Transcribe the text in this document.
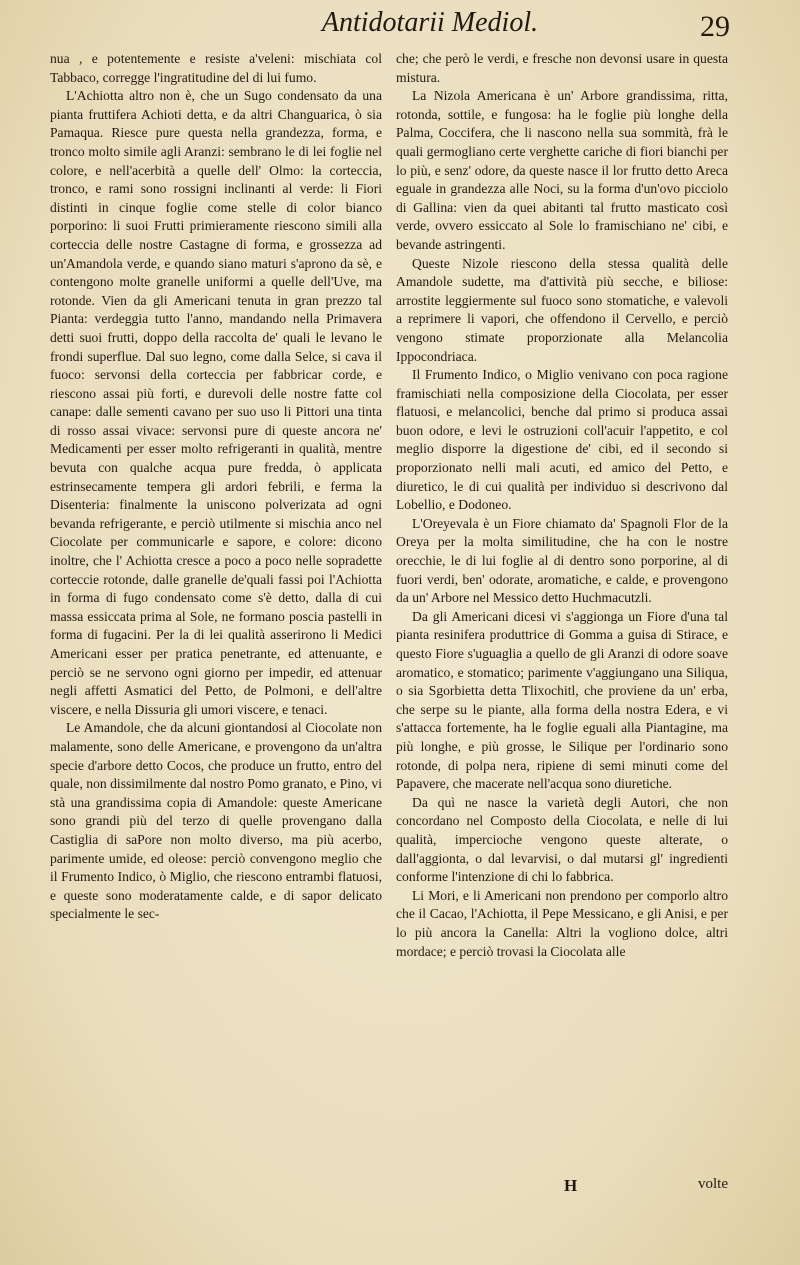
Antidotarii Mediol.	29

nua , e potentemente e resiste a'veleni: mischiata col Tabbaco, corregge l'ingratitudine del di lui fumo.

L'Achiotta altro non è, che un Sugo condensato da una pianta fruttifera Achioti detta, e da altri Changuarica, ò sia Pamaqua. Riesce pure questa nella grandezza, forma, e tronco molto simile agli Aranzi: sembrano le di lei foglie nel colore, e nell'acerbità a quelle dell' Olmo: la corteccia, tronco, e rami sono rossigni inclinanti al verde: li Fiori distinti in cinque foglie come stelle di color bianco porporino: li suoi Frutti primieramente riescono simili alla corteccia delle nostre Castagne di forma, e grossezza ad un'Amandola verde, e quando siano maturi s'aprono da sè, e contengono molte granelle uniformi a quelle dell'Uve, ma rotonde. Vien da gli Americani tenuta in gran prezzo tal Pianta: verdeggia tutto l'anno, mandando nella Primavera detti suoi frutti, doppo della raccolta de' quali le levano le frondi superflue. Dal suo legno, come dalla Selce, si cava il fuoco: servonsi della corteccia per fabbricar corde, e riescono assai più forti, e durevoli delle nostre fatte col canape: dalle sementi cavano per suo uso li Pittori una tinta di rosso assai vivace: servonsi pure di queste ancora ne' Medicamenti per esser molto refrigeranti in qualità, mentre bevuta con qualche acqua pure fredda, ò applicata estrinsecamente tempera gli ardori febrili, e ferma la Disenteria: finalmente la uniscono polverizata ad ogni bevanda refrigerante, e perciò utilmente si mischia anco nel Ciocolate per communicarle e sapore, e colore: dicono inoltre, che l' Achiotta cresce a poco a poco nelle sopradette corteccie rotonde, dalle granelle de'quali fassi poi l'Achiotta in forma di fugo condensato come s'è detto, dalla di cui massa essiccata prima al Sole, ne formano poscia pastelli in forma di fugacini. Per la di lei qualità asserirono li Medici Americani esser per pratica penetrante, ed attenuante, e perciò se ne servono ogni giorno per impedir, ed attenuar negli affetti Asmatici del Petto, de Polmoni, e dell'altre viscere, e nella Dissuria gli umori viscere, e tenaci.

Le Amandole, che da alcuni giontandosi al Ciocolate non malamente, sono delle Americane, e provengono da un'altra specie d'arbore detto Cocos, che produce un frutto, entro del quale, non dissimilmente dal nostro Pomo granato, e Pino, vi stà una grandissima copia di Amandole: queste Americane sono grandi più del terzo di quelle provengano dalla Castiglia di saPore non molto diverso, ma più acerbo, parimente umide, ed oleose: perciò convengono meglio che il Frumento Indico, ò Miglio, che riescono entrambi flatuosi, e queste sono moderatamente calde, e di sapor delicato specialmente le sec-

che; che però le verdi, e fresche non devonsi usare in questa mistura.

La Nizola Americana è un' Arbore grandissima, ritta, rotonda, sottile, e fungosa: ha le foglie più longhe della Palma, Coccifera, che li nascono nella sua sommità, frà le quali germogliano certe verghette cariche di fiori bianchi per lo più, e senz' odore, da queste nasce il lor frutto detto Areca eguale in grandezza alle Noci, su la forma d'un'ovo picciolo di Gallina: vien da quei abitanti tal frutto masticato così verde, ovvero essiccato al Sole lo framischiano ne' cibi, e bevande astringenti.

Queste Nizole riescono della stessa qualità delle Amandole sudette, ma d'attività più secche, e biliose: arrostite leggiermente sul fuoco sono stomatiche, e valevoli a reprimere li vapori, che offendono il Cervello, e perciò vengono stimate proporzionate alla Melancolia Ippocondriaca.

Il Frumento Indico, o Miglio venivano con poca ragione framischiati nella composizione della Ciocolata, per esser flatuosi, e melancolici, benche dal primo si produca assai buon odore, e levi le ostruzioni coll'acuir l'appetito, e col meglio disporre la digestione de' cibi, ed il secondo si proporzionato nelli mali acuti, ed amico del Petto, e diuretico, le di cui qualità per individuo si descrivono dal Lobellio, e Dodoneo.

L'Oreyevala è un Fiore chiamato da' Spagnoli Flor de la Oreya per la molta similitudine, che ha con le nostre orecchie, le di lui foglie al di dentro sono porporine, al di fuori verdi, ben' odorate, aromatiche, e calde, e provengono da un' Arbore nel Messico detto Huchmacutzli.

Da gli Americani dicesi vi s'aggionga un Fiore d'una tal pianta resinifera produttrice di Gomma a guisa di Stirace, e questo Fiore s'uguaglia a quello de gli Aranzi di odore soave aromatico, e stomatico; parimente v'aggiungano una Siliqua, o sia Sgorbietta detta Tlixochitl, che proviene da un' erba, che serpe su le piante, alla forma della nostra Edera, e vi s'attacca fortemente, ha le foglie eguali alla Piantagine, ma più longhe, e più grosse, le Silique per l'ordinario sono rotonde, di polpa nera, ripiene di semi minuti come del Papavere, che macerate nell'acqua sono diuretiche.

Da quì ne nasce la varietà degli Autori, che non concordano nel Composto della Ciocolata, e nelle di lui qualità, impercioche vengono queste alterate, o dall'aggionta, o dal levarvisi, o dal mutarsi gl' ingredienti conforme l'intenzione di chi lo fabbrica.

Li Mori, e li Americani non prendono per comporlo altro che il Cacao, l'Achiotta, il Pepe Messicano, e gli Anisi, e per lo più ancora la Canella: Altri la vogliono dolce, altri mordace; e perciò trovasi la Ciocolata alle

H	volte
